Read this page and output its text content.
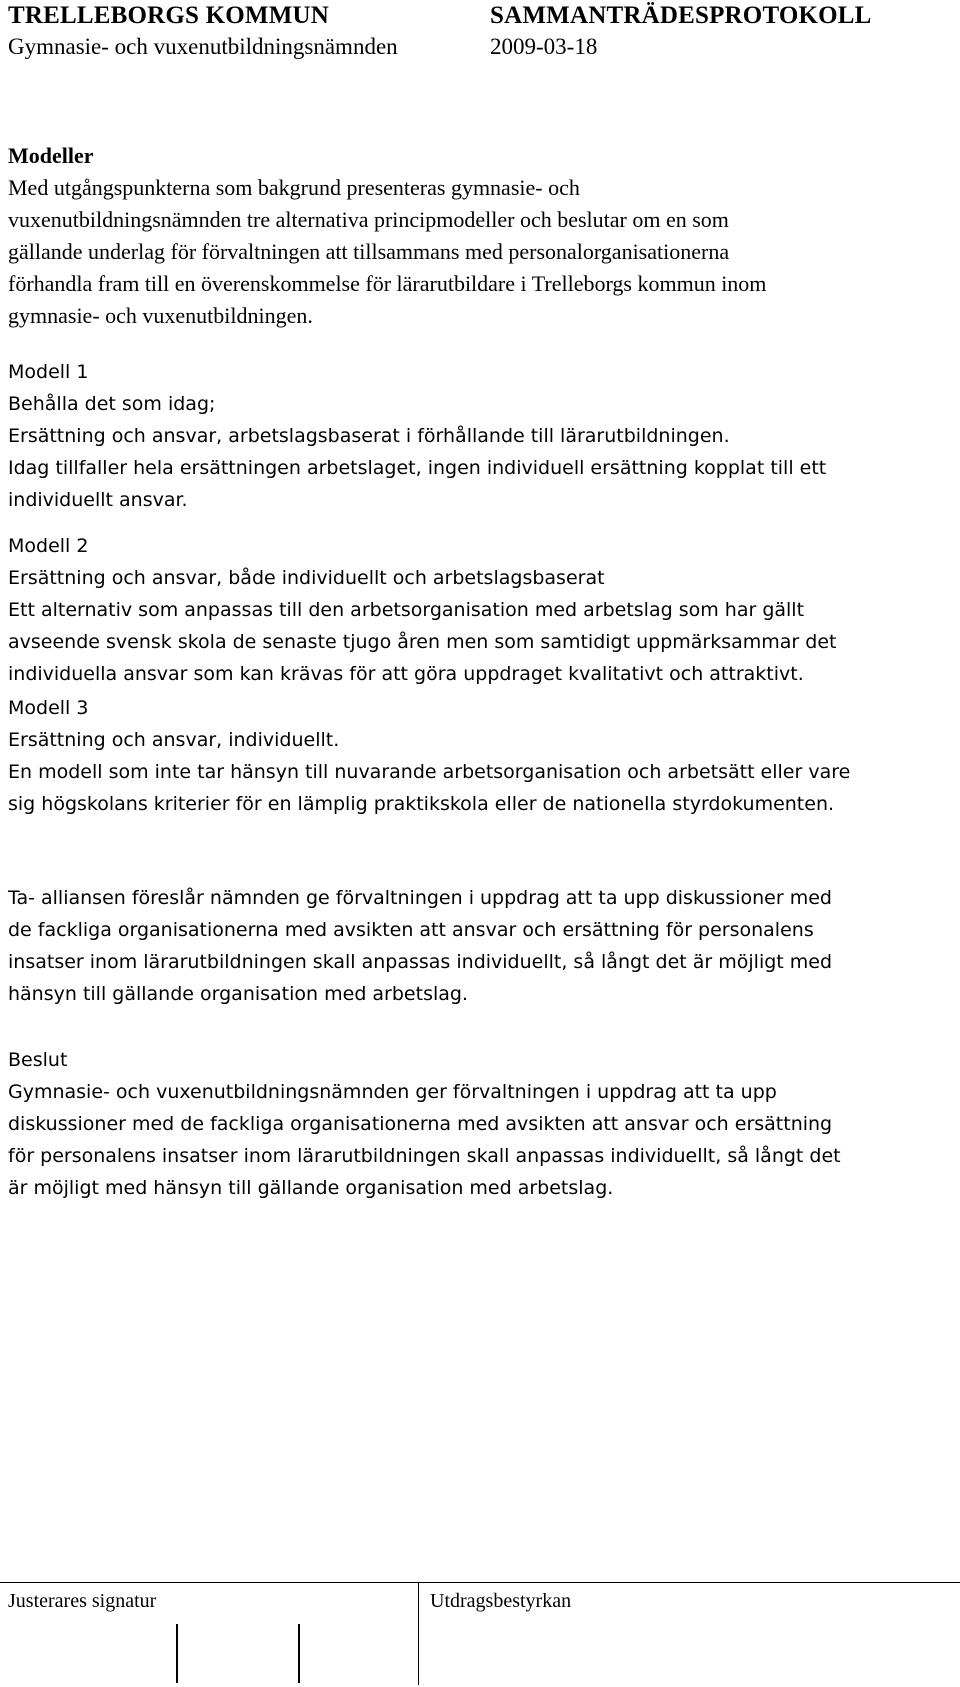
TRELLEBORGS KOMMUN	SAMMANTRÄDESPROTOKOLL
Gymnasie- och vuxenutbildningsnämnden	2009-03-18
Modeller
Med utgångspunkterna som bakgrund presenteras gymnasie- och
vuxenutbildningsnämnden tre alternativa principmodeller och beslutar om en som
gällande underlag för förvaltningen att tillsammans med personalorganisationerna
förhandla fram till en överenskommelse för lärarutbildare i Trelleborgs kommun inom
gymnasie- och vuxenutbildningen.
Modell 1
Behålla det som idag;
Ersättning och ansvar, arbetslagsbaserat i förhållande till lärarutbildningen.
Idag tillfaller hela ersättningen arbetslaget, ingen individuell ersättning kopplat till ett
individuellt ansvar.
Modell 2
Ersättning och ansvar, både individuellt och arbetslagsbaserat
Ett alternativ som anpassas till den arbetsorganisation med arbetslag som har gällt
avseende svensk skola de senaste tjugo åren men som samtidigt uppmärksammar det
individuella ansvar som kan krävas för att göra uppdraget kvalitativt och attraktivt.
Modell 3
Ersättning och ansvar, individuellt.
En modell som inte tar hänsyn till nuvarande arbetsorganisation och arbetsätt eller vare
sig högskolans kriterier för en lämplig praktikskola eller de nationella styrdokumenten.
Ta- alliansen föreslår nämnden ge förvaltningen i uppdrag att ta upp diskussioner med
de fackliga organisationerna med avsikten att ansvar och ersättning för personalens
insatser inom lärarutbildningen skall anpassas individuellt, så långt det är möjligt med
hänsyn till gällande organisation med arbetslag.
Beslut
Gymnasie- och vuxenutbildningsnämnden ger förvaltningen i uppdrag att ta upp
diskussioner med de fackliga organisationerna med avsikten att ansvar och ersättning
för personalens insatser inom lärarutbildningen skall anpassas individuellt, så långt det
är möjligt med hänsyn till gällande organisation med arbetslag.
Justerares signatur	Utdragsbestyrkan
